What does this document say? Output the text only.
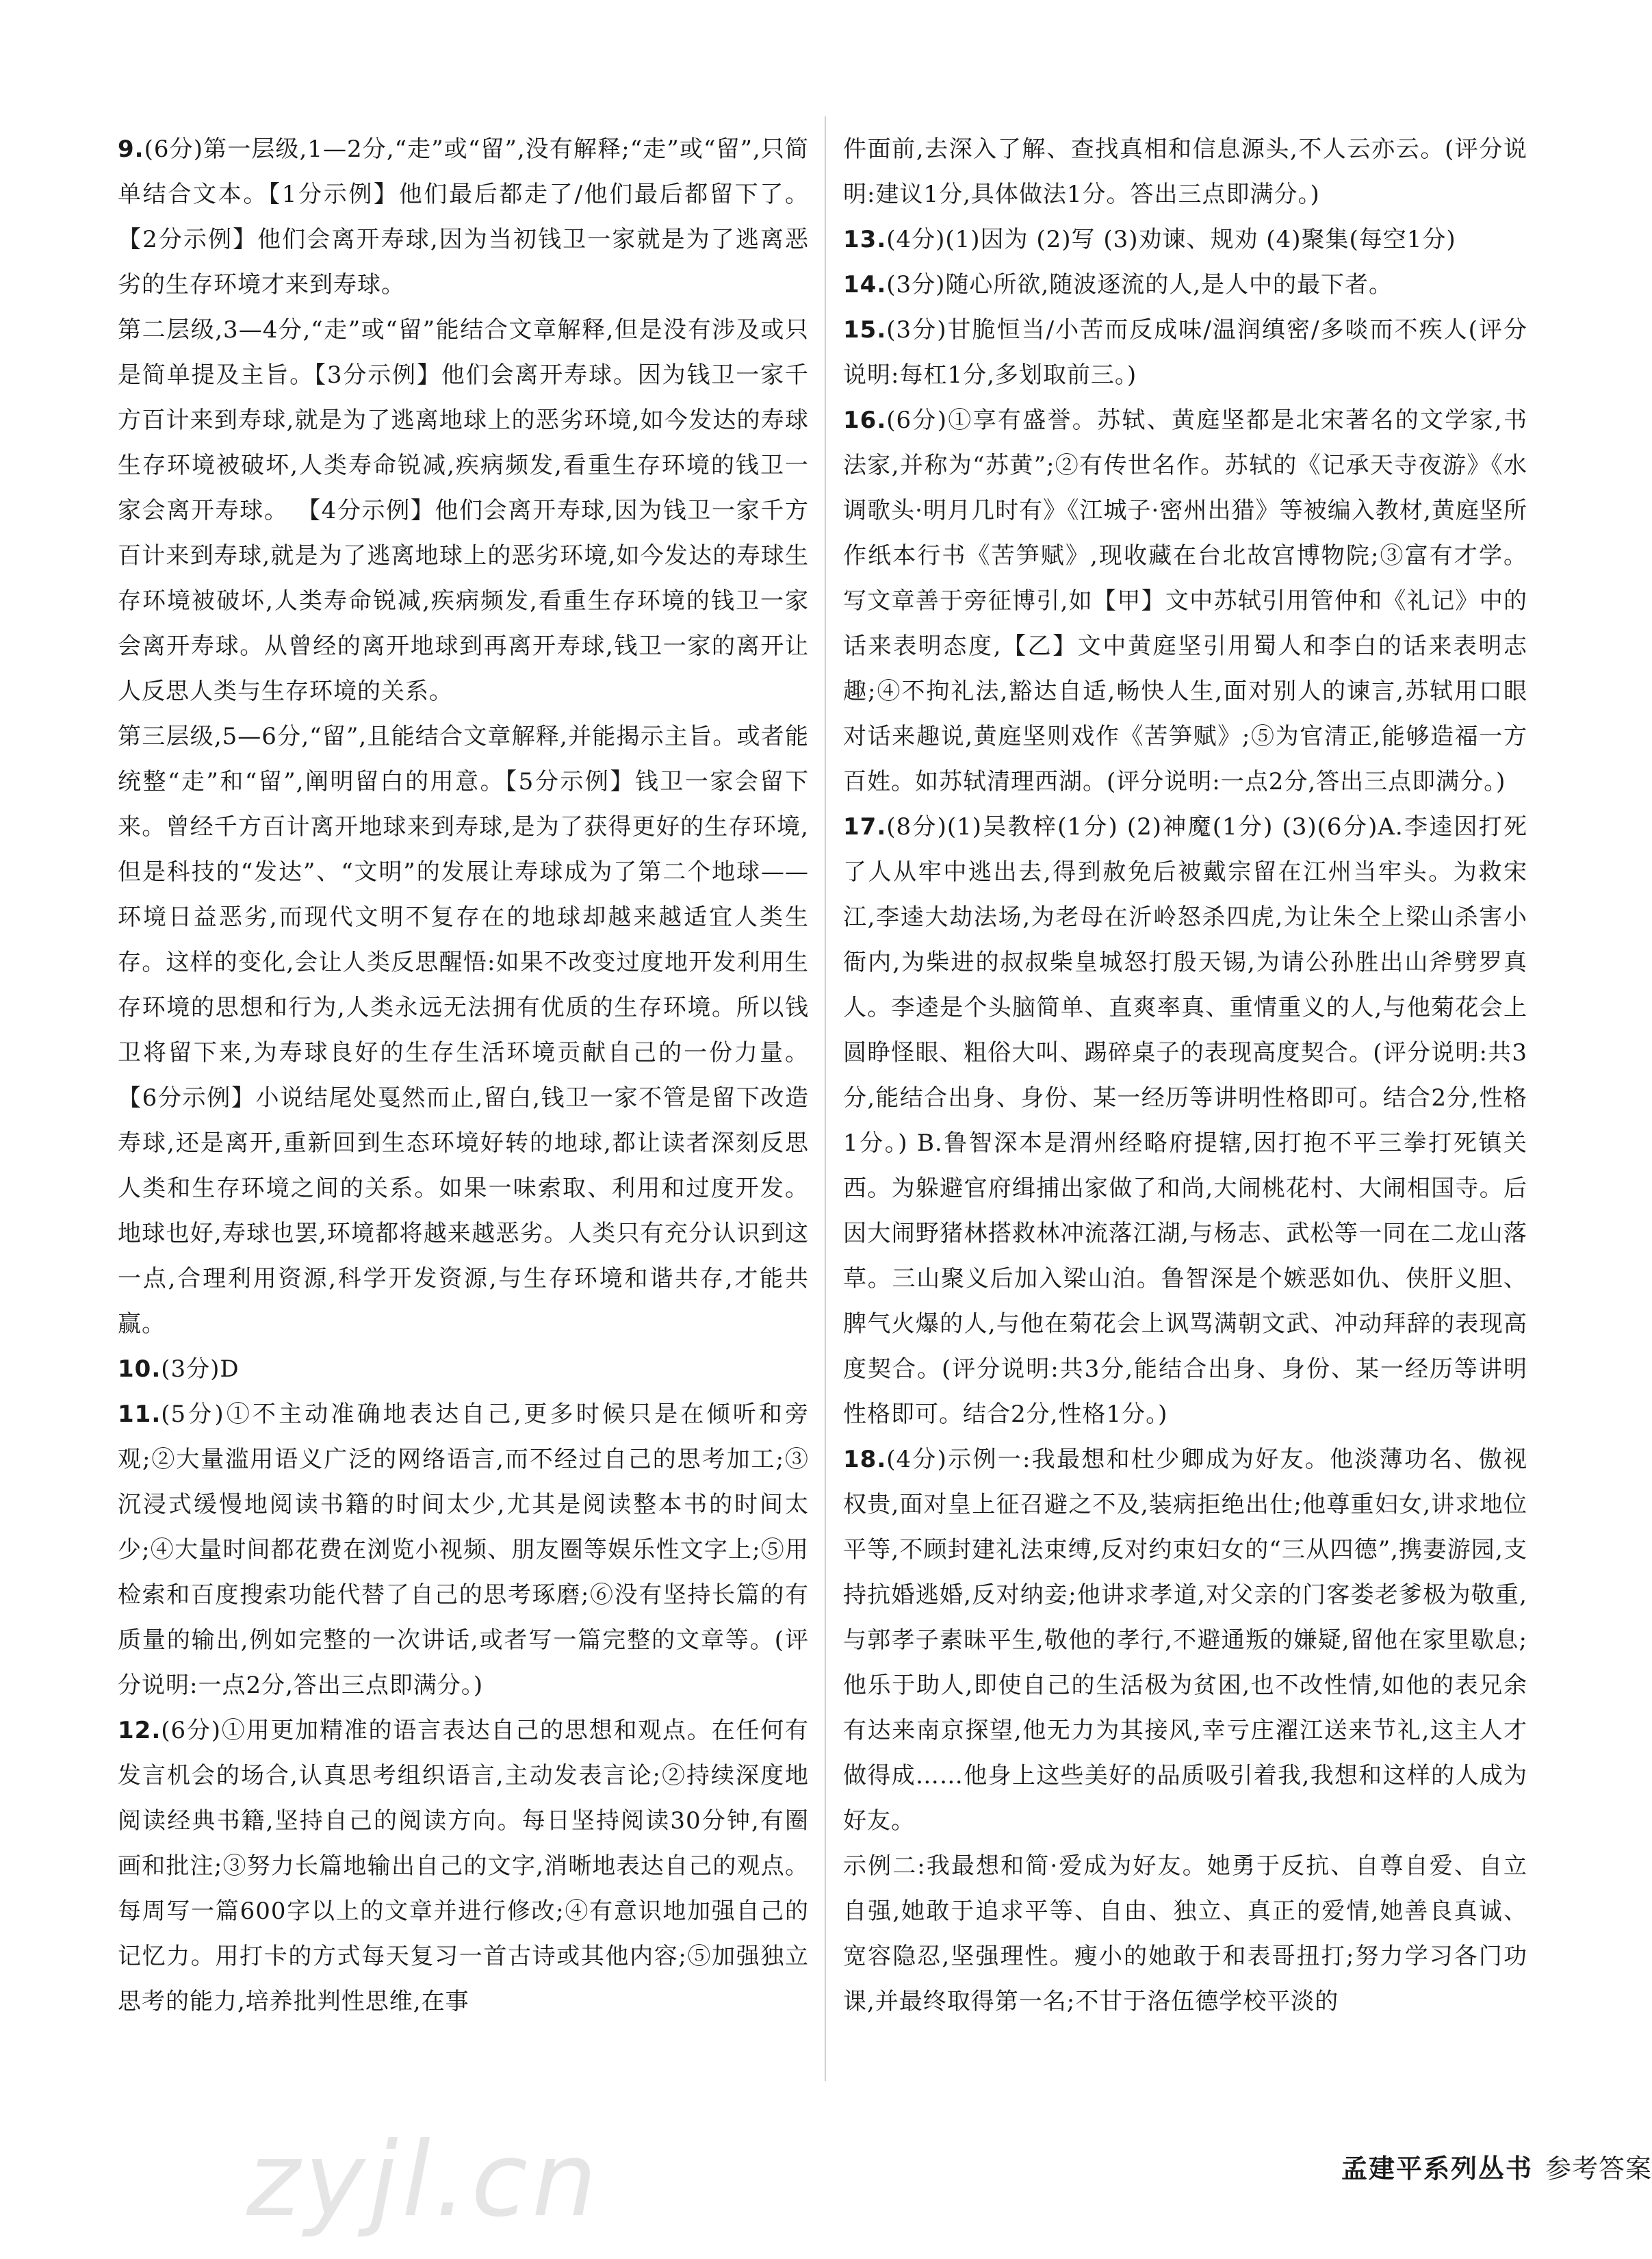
9.(6分)第一层级,1—2分,“走”或“留”,没有解释;“走”或“留”,只简单结合文本。【1分示例】他们最后都走了/他们最后都留下了。 【2分示例】他们会离开寿球,因为当初钱卫一家就是为了逃离恶劣的生存环境才来到寿球。

第二层级,3—4分,“走”或“留”能结合文章解释,但是没有涉及或只是简单提及主旨。【3分示例】他们会离开寿球。因为钱卫一家千方百计来到寿球,就是为了逃离地球上的恶劣环境,如今发达的寿球生存环境被破坏,人类寿命锐减,疾病频发,看重生存环境的钱卫一家会离开寿球。 【4分示例】他们会离开寿球,因为钱卫一家千方百计来到寿球,就是为了逃离地球上的恶劣环境,如今发达的寿球生存环境被破坏,人类寿命锐减,疾病频发,看重生存环境的钱卫一家会离开寿球。从曾经的离开地球到再离开寿球,钱卫一家的离开让人反思人类与生存环境的关系。

第三层级,5—6分,“留”,且能结合文章解释,并能揭示主旨。或者能统整“走”和“留”,阐明留白的用意。【5分示例】钱卫一家会留下来。曾经千方百计离开地球来到寿球,是为了获得更好的生存环境,但是科技的“发达”、“文明”的发展让寿球成为了第二个地球——环境日益恶劣,而现代文明不复存在的地球却越来越适宜人类生存。这样的变化,会让人类反思醒悟:如果不改变过度地开发利用生存环境的思想和行为,人类永远无法拥有优质的生存环境。所以钱卫将留下来,为寿球良好的生存生活环境贡献自己的一份力量。 【6分示例】小说结尾处戛然而止,留白,钱卫一家不管是留下改造寿球,还是离开,重新回到生态环境好转的地球,都让读者深刻反思人类和生存环境之间的关系。如果一味索取、利用和过度开发。地球也好,寿球也罢,环境都将越来越恶劣。人类只有充分认识到这一点,合理利用资源,科学开发资源,与生存环境和谐共存,才能共赢。

10.(3分)D

11.(5分)①不主动准确地表达自己,更多时候只是在倾听和旁观;②大量滥用语义广泛的网络语言,而不经过自己的思考加工;③沉浸式缓慢地阅读书籍的时间太少,尤其是阅读整本书的时间太少;④大量时间都花费在浏览小视频、朋友圈等娱乐性文字上;⑤用检索和百度搜索功能代替了自己的思考琢磨;⑥没有坚持长篇的有质量的输出,例如完整的一次讲话,或者写一篇完整的文章等。(评分说明:一点2分,答出三点即满分。)

12.(6分)①用更加精准的语言表达自己的思想和观点。在任何有发言机会的场合,认真思考组织语言,主动发表言论;②持续深度地阅读经典书籍,坚持自己的阅读方向。每日坚持阅读30分钟,有圈画和批注;③努力长篇地输出自己的文字,消晰地表达自己的观点。每周写一篇600字以上的文章并进行修改;④有意识地加强自己的记忆力。用打卡的方式每天复习一首古诗或其他内容;⑤加强独立思考的能力,培养批判性思维,在事

件面前,去深入了解、查找真相和信息源头,不人云亦云。(评分说明:建议1分,具体做法1分。答出三点即满分。)

13.(4分)(1)因为 (2)写 (3)劝谏、规劝 (4)聚集(每空1分)

14.(3分)随心所欲,随波逐流的人,是人中的最下者。

15.(3分)甘脆恒当/小苦而反成味/温润缜密/多啖而不疾人(评分说明:每杠1分,多划取前三。)

16.(6分)①享有盛誉。苏轼、黄庭坚都是北宋著名的文学家,书法家,并称为“苏黄”;②有传世名作。苏轼的《记承天寺夜游》《水调歌头·明月几时有》《江城子·密州出猎》等被编入教材,黄庭坚所作纸本行书《苦笋赋》,现收藏在台北故宫博物院;③富有才学。写文章善于旁征博引,如【甲】文中苏轼引用管仲和《礼记》中的话来表明态度,【乙】文中黄庭坚引用蜀人和李白的话来表明志趣;④不拘礼法,豁达自适,畅快人生,面对别人的谏言,苏轼用口眼对话来趣说,黄庭坚则戏作《苦笋赋》;⑤为官清正,能够造福一方百姓。如苏轼清理西湖。(评分说明:一点2分,答出三点即满分。)

17.(8分)(1)吴教梓(1分) (2)神魔(1分) (3)(6分)A.李逵因打死了人从牢中逃出去,得到赦免后被戴宗留在江州当牢头。为救宋江,李逵大劫法场,为老母在沂岭怒杀四虎,为让朱仝上梁山杀害小衙内,为柴进的叔叔柴皇城怒打殷天锡,为请公孙胜出山斧劈罗真人。李逵是个头脑简单、直爽率真、重情重义的人,与他菊花会上圆睁怪眼、粗俗大叫、踢碎桌子的表现高度契合。(评分说明:共3分,能结合出身、身份、某一经历等讲明性格即可。结合2分,性格1分。) B.鲁智深本是渭州经略府提辖,因打抱不平三拳打死镇关西。为躲避官府缉捕出家做了和尚,大闹桃花村、大闹相国寺。后因大闹野猪林搭救林冲流落江湖,与杨志、武松等一同在二龙山落草。三山聚义后加入梁山泊。鲁智深是个嫉恶如仇、侠肝义胆、脾气火爆的人,与他在菊花会上讽骂满朝文武、冲动拜辞的表现高度契合。(评分说明:共3分,能结合出身、身份、某一经历等讲明性格即可。结合2分,性格1分。)

18.(4分)示例一:我最想和杜少卿成为好友。他淡薄功名、傲视权贵,面对皇上征召避之不及,装病拒绝出仕;他尊重妇女,讲求地位平等,不顾封建礼法束缚,反对约束妇女的“三从四德”,携妻游园,支持抗婚逃婚,反对纳妾;他讲求孝道,对父亲的门客娄老爹极为敬重,与郭孝子素昧平生,敬他的孝行,不避通叛的嫌疑,留他在家里歇息;他乐于助人,即使自己的生活极为贫困,也不改性情,如他的表兄余有达来南京探望,他无力为其接风,幸亏庄濯江送来节礼,这主人才做得成……他身上这些美好的品质吸引着我,我想和这样的人成为好友。

示例二:我最想和简·爱成为好友。她勇于反抗、自尊自爱、自立自强,她敢于追求平等、自由、独立、真正的爱情,她善良真诚、宽容隐忍,坚强理性。瘦小的她敢于和表哥扭打;努力学习各门功课,并最终取得第一名;不甘于洛伍德学校平淡的

孟建平系列丛书 参考答案
zyjl.cn
